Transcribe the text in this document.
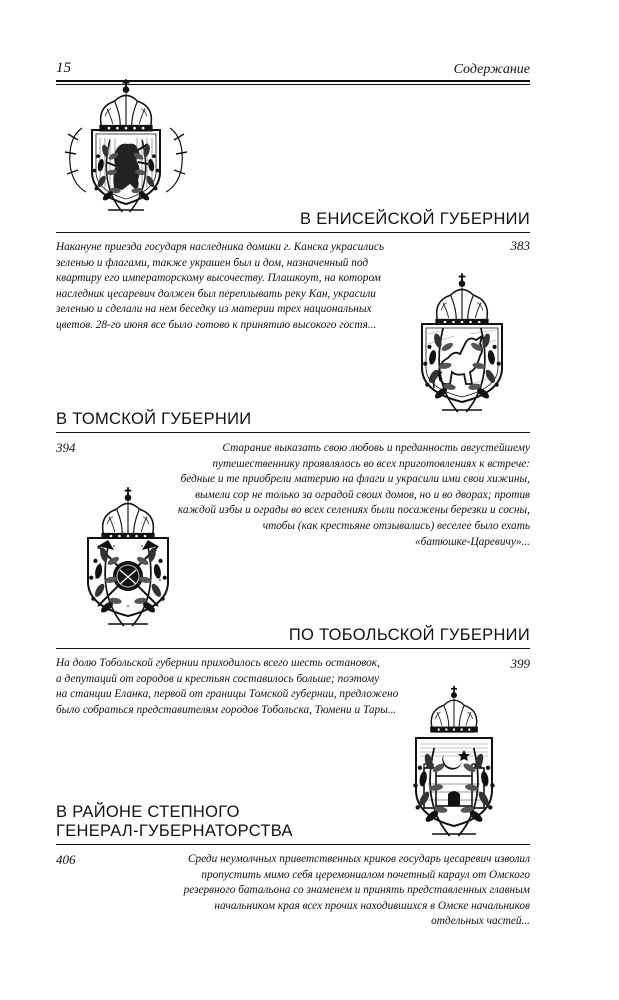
15	Содержание
В ЕНИСЕЙСКОЙ ГУБЕРНИИ
383

Накануне приезда государя наследника домики г. Канска украсились

зеленью и флагами, также украшен был и дом, назначенный под

квартиру его императорскому высочеству. Плашкоут, на котором

наследник цесаревич должен был переплывать реку Кан, украсили

зеленью и сделали на нем беседку из материи трех национальных

цветов. 28-го июня все было готово к принятию высокого гостя...

В ТОМСКОЙ ГУБЕРНИИ
394	Старание выказать свою любовь и преданность августейшему

путешественнику проявлялось во всех приготовлениях к встрече:

бедные и те приобрели материю на флаги и украсили ими свои хижины,

вымели сор не только за оградой своих домов, но и во дворах; против

каждой избы и ограды во всех селениях были посажены березки и сосны,

чтобы (как крестьяне отзывались) веселее было ехать

«батюшке-Царевичу»...

ПО ТОБОЛЬСКОЙ ГУБЕРНИИ
399

На долю Тобольской губернии приходилось всего шесть остановок,

а депутаций от городов и крестьян составилось больше; поэтому

на станции Еланка, первой от границы Томской губернии, предложено

было собраться представителям городов Тобольска, Тюмени и Тары...

В РАЙОНЕ СТЕПНОГО
ГЕНЕРАЛ-ГУБЕРНАТОРСТВА
406	Среди неумолчных приветственных криков государь цесаревич изволил

пропустить мимо себя церемониалом почетный караул от Омского

резервного батальона со знаменем и принять представленных главным

начальником края всех прочих находившихся в Омске начальников

отдельных частей...
